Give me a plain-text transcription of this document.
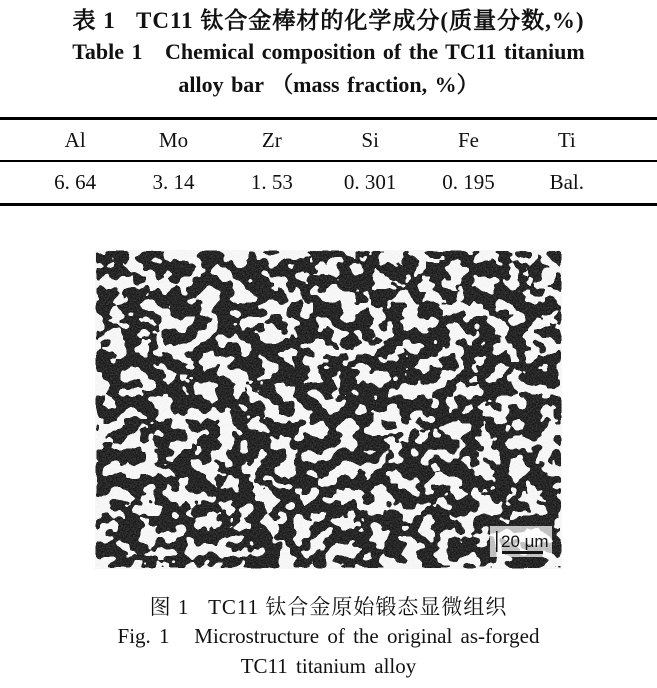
表 1   TC11 钛合金棒材的化学成分(质量分数,%)
Table 1   Chemical composition of the TC11 titanium
alloy bar （mass fraction, %）
Al	Mo	Zr	Si	Fe	Ti
6. 64	3. 14	1. 53	0. 301	0. 195	Bal.
20 μm
图 1   TC11 钛合金原始锻态显微组织
Fig. 1   Microstructure of the original as-forged
TC11 titanium alloy
